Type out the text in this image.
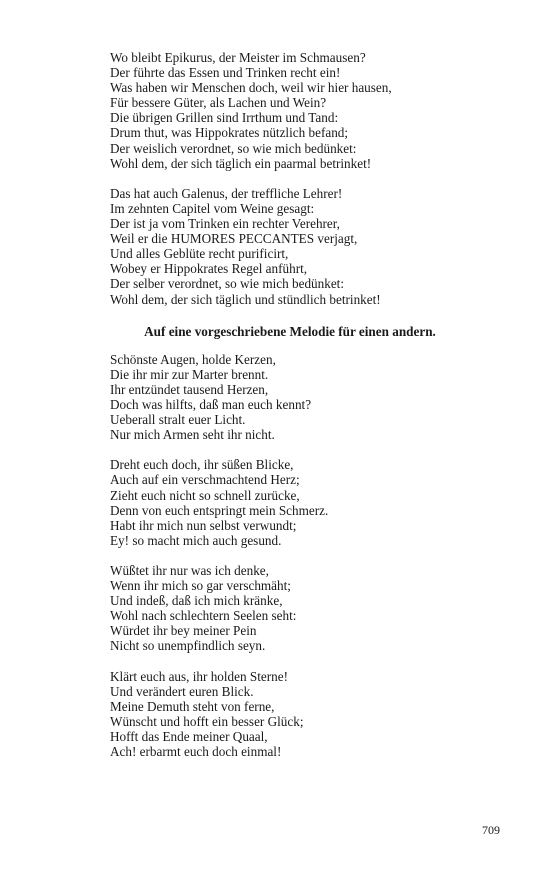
Wo bleibt Epikurus, der Meister im Schmausen?
Der führte das Essen und Trinken recht ein!
Was haben wir Menschen doch, weil wir hier hausen,
Für bessere Güter, als Lachen und Wein?
Die übrigen Grillen sind Irrthum und Tand:
Drum thut, was Hippokrates nützlich befand;
Der weislich verordnet, so wie mich bedünket:
Wohl dem, der sich täglich ein paarmal betrinket!
Das hat auch Galenus, der treffliche Lehrer!
Im zehnten Capitel vom Weine gesagt:
Der ist ja vom Trinken ein rechter Verehrer,
Weil er die HUMORES PECCANTES verjagt,
Und alles Geblüte recht purificirt,
Wobey er Hippokrates Regel anführt,
Der selber verordnet, so wie mich bedünket:
Wohl dem, der sich täglich und stündlich betrinket!
Auf eine vorgeschriebene Melodie für einen andern.
Schönste Augen, holde Kerzen,
Die ihr mir zur Marter brennt.
Ihr entzündet tausend Herzen,
Doch was hilfts, daß man euch kennt?
Ueberall stralt euer Licht.
Nur mich Armen seht ihr nicht.
Dreht euch doch, ihr süßen Blicke,
Auch auf ein verschmachtend Herz;
Zieht euch nicht so schnell zurücke,
Denn von euch entspringt mein Schmerz.
Habt ihr mich nun selbst verwundt;
Ey! so macht mich auch gesund.
Wüßtet ihr nur was ich denke,
Wenn ihr mich so gar verschmäht;
Und indeß, daß ich mich kränke,
Wohl nach schlechtern Seelen seht:
Würdet ihr bey meiner Pein
Nicht so unempfindlich seyn.
Klärt euch aus, ihr holden Sterne!
Und verändert euren Blick.
Meine Demuth steht von ferne,
Wünscht und hofft ein besser Glück;
Hofft das Ende meiner Quaal,
Ach! erbarmt euch doch einmal!
709
